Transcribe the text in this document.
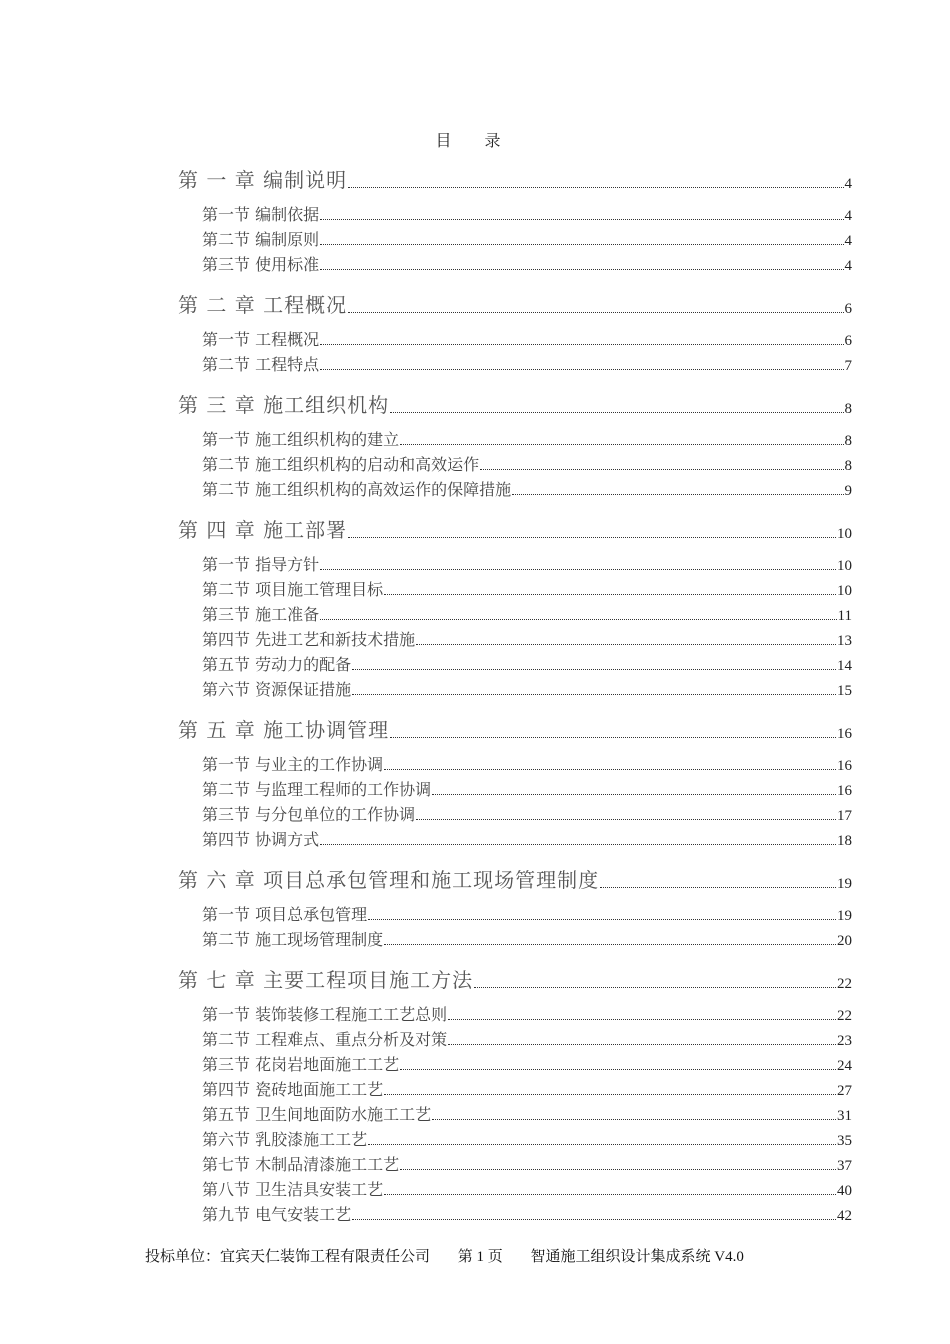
目 录
第 一 章 编制说明	4
第一节 编制依据	4
第二节 编制原则	4
第三节 使用标准	4
第 二 章 工程概况	6
第一节 工程概况	6
第二节 工程特点	7
第 三 章 施工组织机构	8
第一节 施工组织机构的建立	8
第二节 施工组织机构的启动和高效运作	8
第二节 施工组织机构的高效运作的保障措施	9
第 四 章 施工部署	10
第一节 指导方针	10
第二节 项目施工管理目标	10
第三节 施工准备	11
第四节 先进工艺和新技术措施	13
第五节 劳动力的配备	14
第六节 资源保证措施	15
第 五 章 施工协调管理	16
第一节 与业主的工作协调	16
第二节 与监理工程师的工作协调	16
第三节 与分包单位的工作协调	17
第四节 协调方式	18
第 六 章 项目总承包管理和施工现场管理制度	19
第一节 项目总承包管理	19
第二节 施工现场管理制度	20
第 七 章 主要工程项目施工方法	22
第一节 装饰装修工程施工工艺总则	22
第二节 工程难点、重点分析及对策	23
第三节 花岗岩地面施工工艺	24
第四节 瓷砖地面施工工艺	27
第五节 卫生间地面防水施工工艺	31
第六节 乳胶漆施工工艺	35
第七节 木制品清漆施工工艺	37
第八节 卫生洁具安装工艺	40
第九节 电气安装工艺	42
投标单位：宜宾天仁装饰工程有限责任公司 第 1 页 智通施工组织设计集成系统 V4.0
